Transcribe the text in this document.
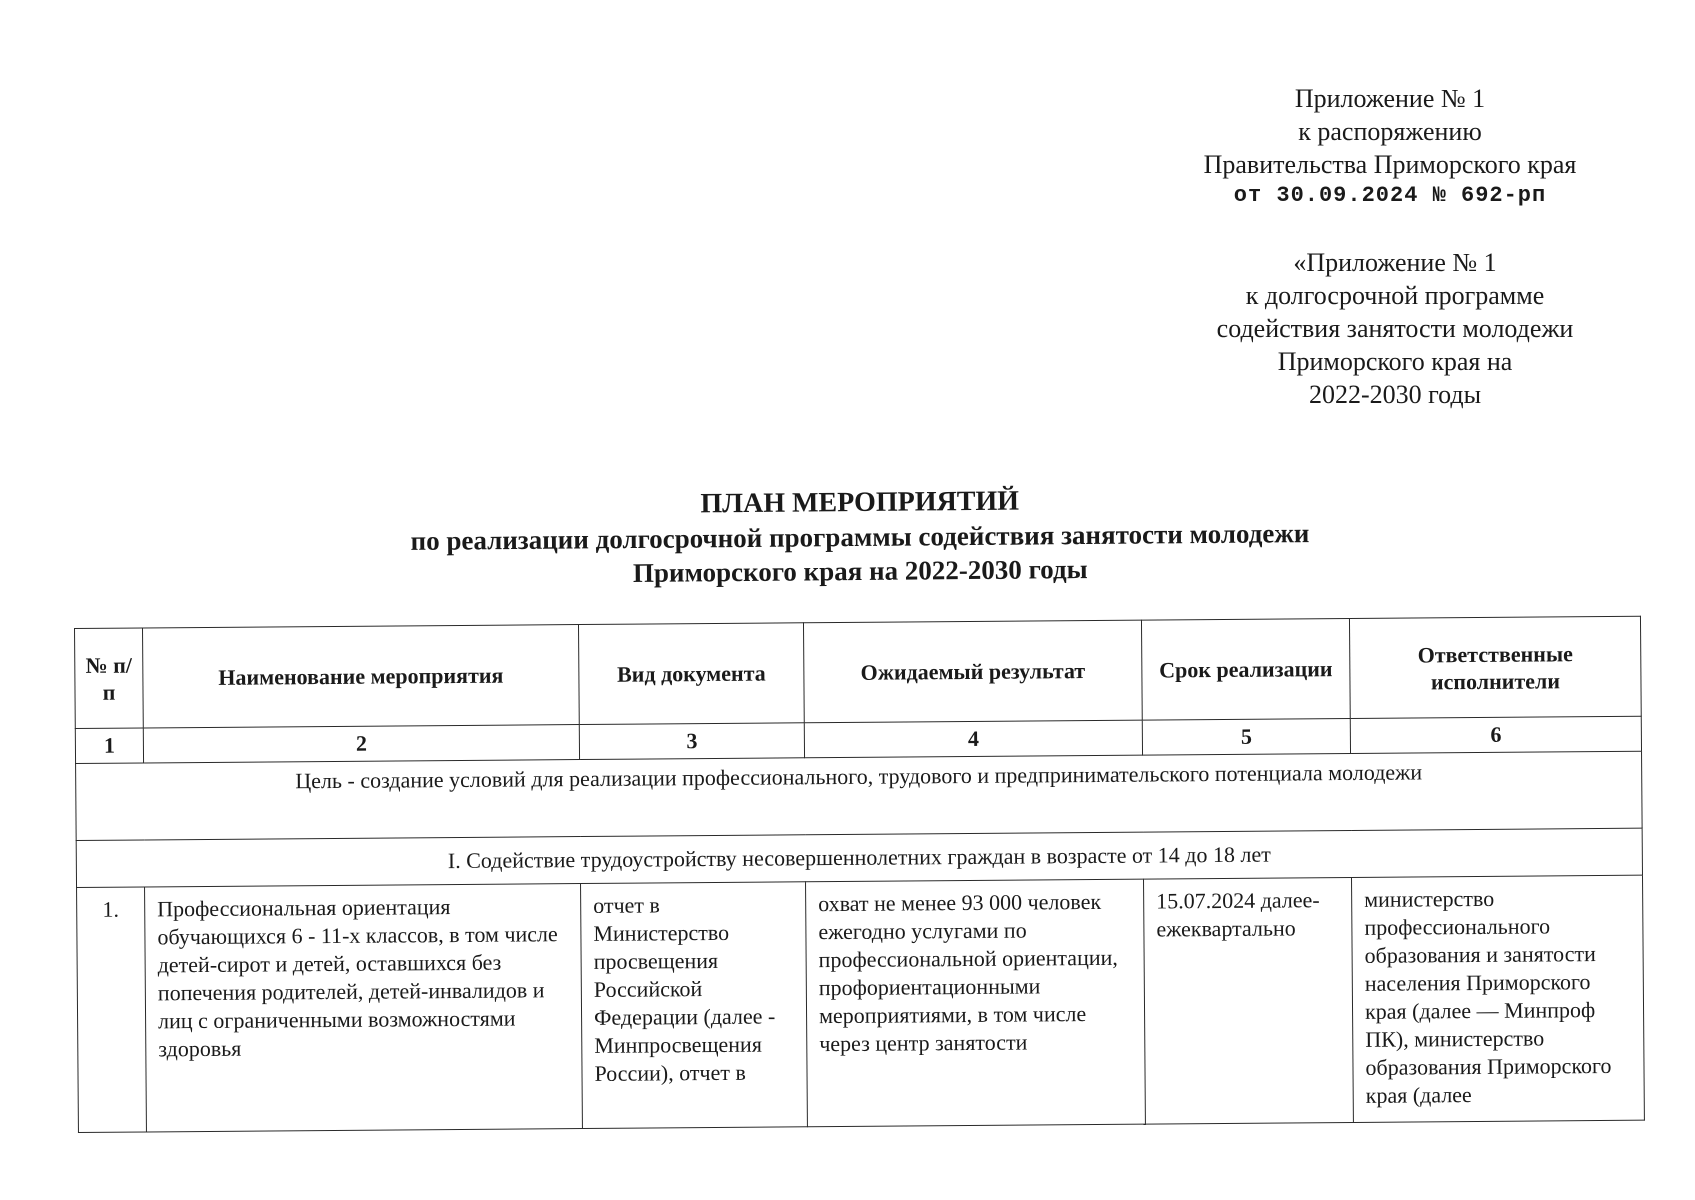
Приложение № 1
к распоряжению
Правительства Приморского края
от 30.09.2024 № 692-рп
«Приложение № 1
к долгосрочной программе
содействия занятости молодежи
Приморского края на
2022-2030 годы
ПЛАН МЕРОПРИЯТИЙ
по реализации долгосрочной программы содействия занятости молодежи
Приморского края на 2022-2030 годы
№ п/п	Наименование мероприятия	Вид документа	Ожидаемый результат	Срок реализации	Ответственные исполнители
1	2	3	4	5	6
Цель - создание условий для реализации профессионального, трудового и предпринимательского потенциала молодежи					
I. Содействие трудоустройству несовершеннолетних граждан в возрасте от 14 до 18 лет					
1.	Профессиональная ориентация обучающихся 6 - 11-х классов, в том числе детей-сирот и детей, оставшихся без попечения родителей, детей-инвалидов и лиц с ограниченными возможностями здоровья	отчет в Министерство просвещения Российской Федерации (далее - Минпросвещения России), отчет в	охват не менее 93 000 человек ежегодно услугами по профессиональной ориентации, профориентационными мероприятиями, в том числе через центр занятости	15.07.2024 далее- ежеквартально	министерство профессионального образования и занятости населения Приморского края (далее — Минпроф ПК), министерство образования Приморского края (далее
